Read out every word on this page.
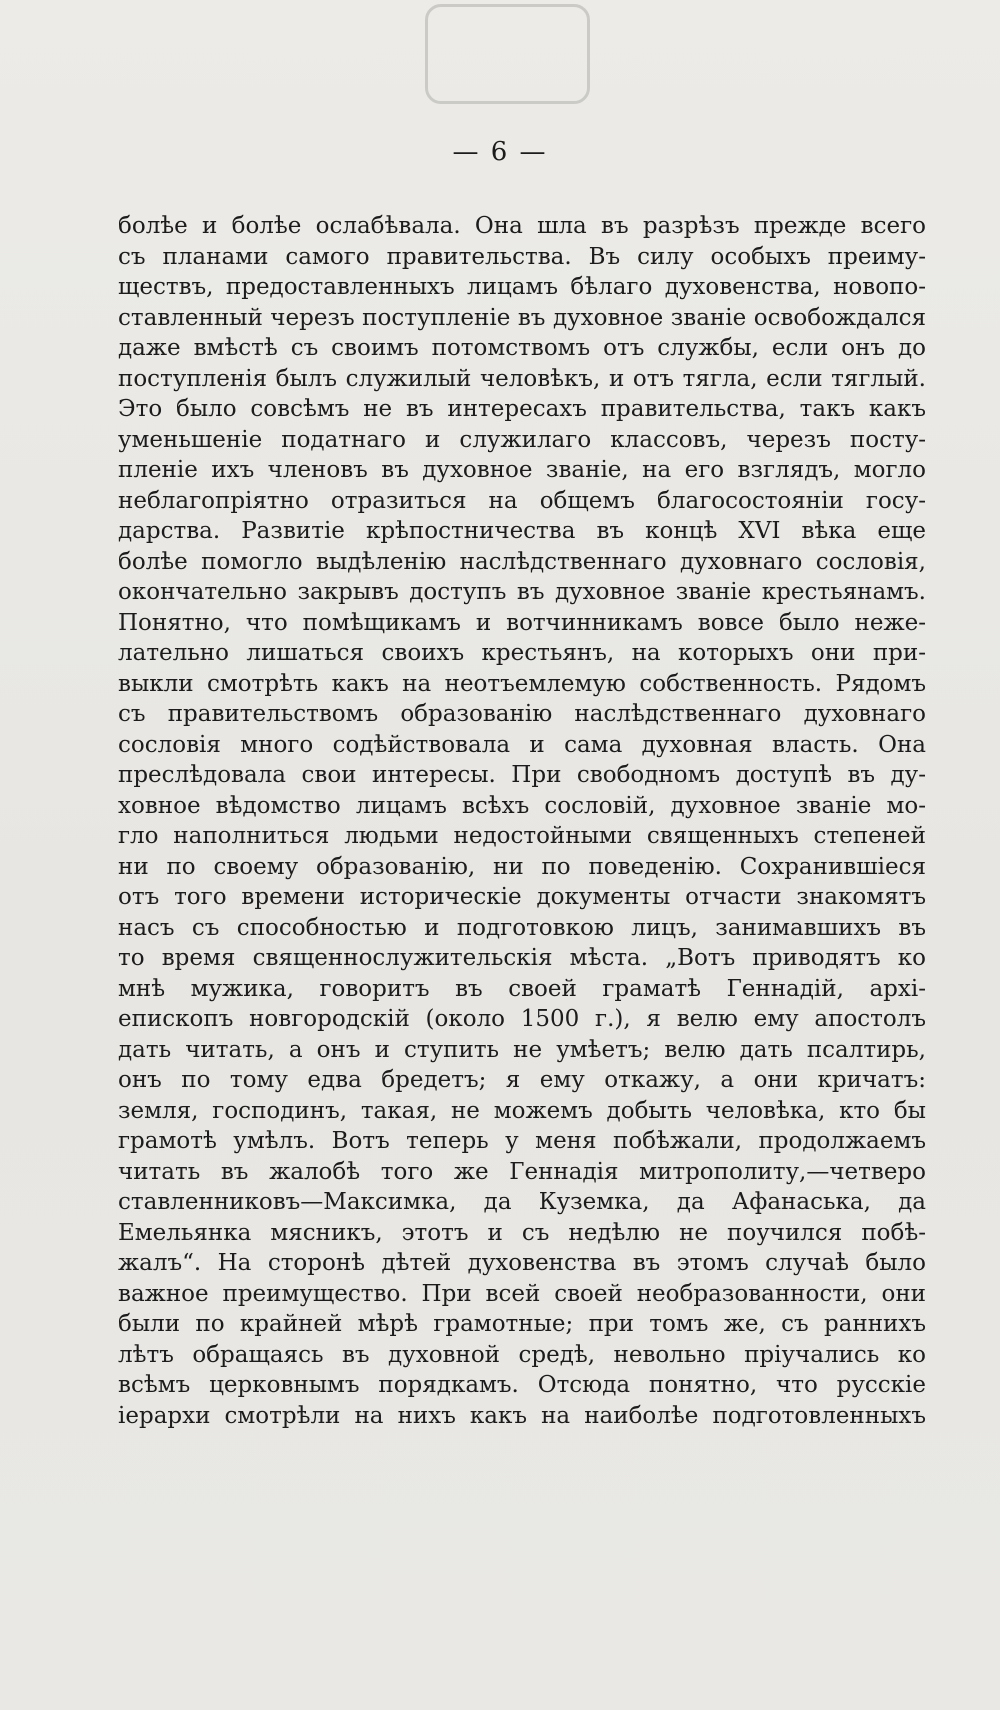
— 6 —
болѣе и болѣе ослабѣвала. Она шла въ разрѣзъ прежде всего
съ планами самого правительства. Въ силу особыхъ преиму-
ществъ, предоставленныхъ лицамъ бѣлаго духовенства, новопо-
ставленный черезъ поступленіе въ духовное званіе освобождался
даже вмѣстѣ съ своимъ потомствомъ отъ службы, если онъ до
поступленія былъ служилый человѣкъ, и отъ тягла, если тяглый.
Это было совсѣмъ не въ интересахъ правительства, такъ какъ
уменьшеніе податнаго и служилаго классовъ, черезъ посту-
пленіе ихъ членовъ въ духовное званіе, на его взглядъ, могло
неблагопріятно отразиться на общемъ благосостояніи госу-
дарства. Развитіе крѣпостничества въ концѣ XVI вѣка еще
болѣе помогло выдѣленію наслѣдственнаго духовнаго сословія,
окончательно закрывъ доступъ въ духовное званіе крестьянамъ.
Понятно, что помѣщикамъ и вотчинникамъ вовсе было неже-
лательно лишаться своихъ крестьянъ, на которыхъ они при-
выкли смотрѣть какъ на неотъемлемую собственность. Рядомъ
съ правительствомъ образованію наслѣдственнаго духовнаго
сословія много содѣйствовала и сама духовная власть. Она
преслѣдовала свои интересы. При свободномъ доступѣ въ ду-
ховное вѣдомство лицамъ всѣхъ сословій, духовное званіе мо-
гло наполниться людьми недостойными священныхъ степеней
ни по своему образованію, ни по поведенію. Сохранившіеся
отъ того времени историческіе документы отчасти знакомятъ
насъ съ способностью и подготовкою лицъ, занимавшихъ въ
то время священнослужительскія мѣста. „Вотъ приводятъ ко
мнѣ мужика, говоритъ въ своей граматѣ Геннадій, архі-
епископъ новгородскій (около 1500 г.), я велю ему апостолъ
дать читать, а онъ и ступить не умѣетъ; велю дать псалтирь,
онъ по тому едва бредетъ; я ему откажу, а они кричатъ:
земля, господинъ, такая, не можемъ добыть человѣка, кто бы
грамотѣ умѣлъ. Вотъ теперь у меня побѣжали, продолжаемъ
читать въ жалобѣ того же Геннадія митрополиту,—четверо
ставленниковъ—Максимка, да Куземка, да Афанаська, да
Емельянка мясникъ, этотъ и съ недѣлю не поучился побѣ-
жалъ“. На сторонѣ дѣтей духовенства въ этомъ случаѣ было
важное преимущество. При всей своей необразованности, они
были по крайней мѣрѣ грамотные; при томъ же, съ раннихъ
лѣтъ обращаясь въ духовной средѣ, невольно пріучались ко
всѣмъ церковнымъ порядкамъ. Отсюда понятно, что русскіе
іерархи смотрѣли на нихъ какъ на наиболѣе подготовленныхъ
